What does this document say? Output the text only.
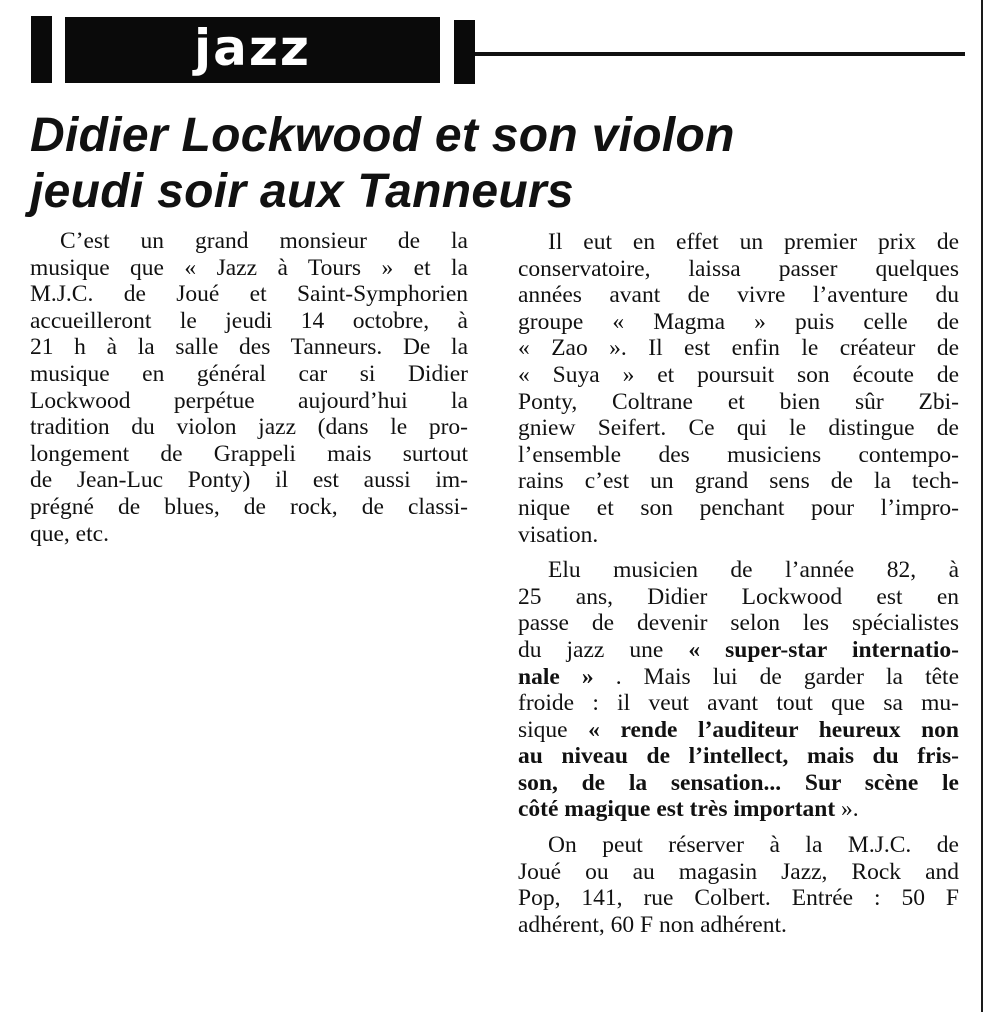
jazz
Didier Lockwood et son violon
jeudi soir aux Tanneurs
C’est un grand monsieur de la
musique que « Jazz à Tours » et la
M.J.C. de Joué et Saint-Symphorien
accueilleront le jeudi 14 octobre, à
21 h à la salle des Tanneurs. De la
musique en général car si Didier
Lockwood perpétue aujourd’hui la
tradition du violon jazz (dans le pro-
longement de Grappeli mais surtout
de Jean-Luc Ponty) il est aussi im-
prégné de blues, de rock, de classi-
que, etc.
Il eut en effet un premier prix de
conservatoire, laissa passer quelques
années avant de vivre l’aventure du
groupe « Magma » puis celle de
« Zao ». Il est enfin le créateur de
« Suya » et poursuit son écoute de
Ponty, Coltrane et bien sûr Zbi-
gniew Seifert. Ce qui le distingue de
l’ensemble des musiciens contempo-
rains c’est un grand sens de la tech-
nique et son penchant pour l’impro-
visation.
Elu musicien de l’année 82, à
25 ans, Didier Lockwood est en
passe de devenir selon les spécialistes
du jazz une « super-star internatio-
nale » . Mais lui de garder la tête
froide : il veut avant tout que sa mu-
sique « rende l’auditeur heureux non
au niveau de l’intellect, mais du fris-
son, de la sensation... Sur scène le
côté magique est très important ».
On peut réserver à la M.J.C. de
Joué ou au magasin Jazz, Rock and
Pop, 141, rue Colbert. Entrée : 50 F
adhérent, 60 F non adhérent.
